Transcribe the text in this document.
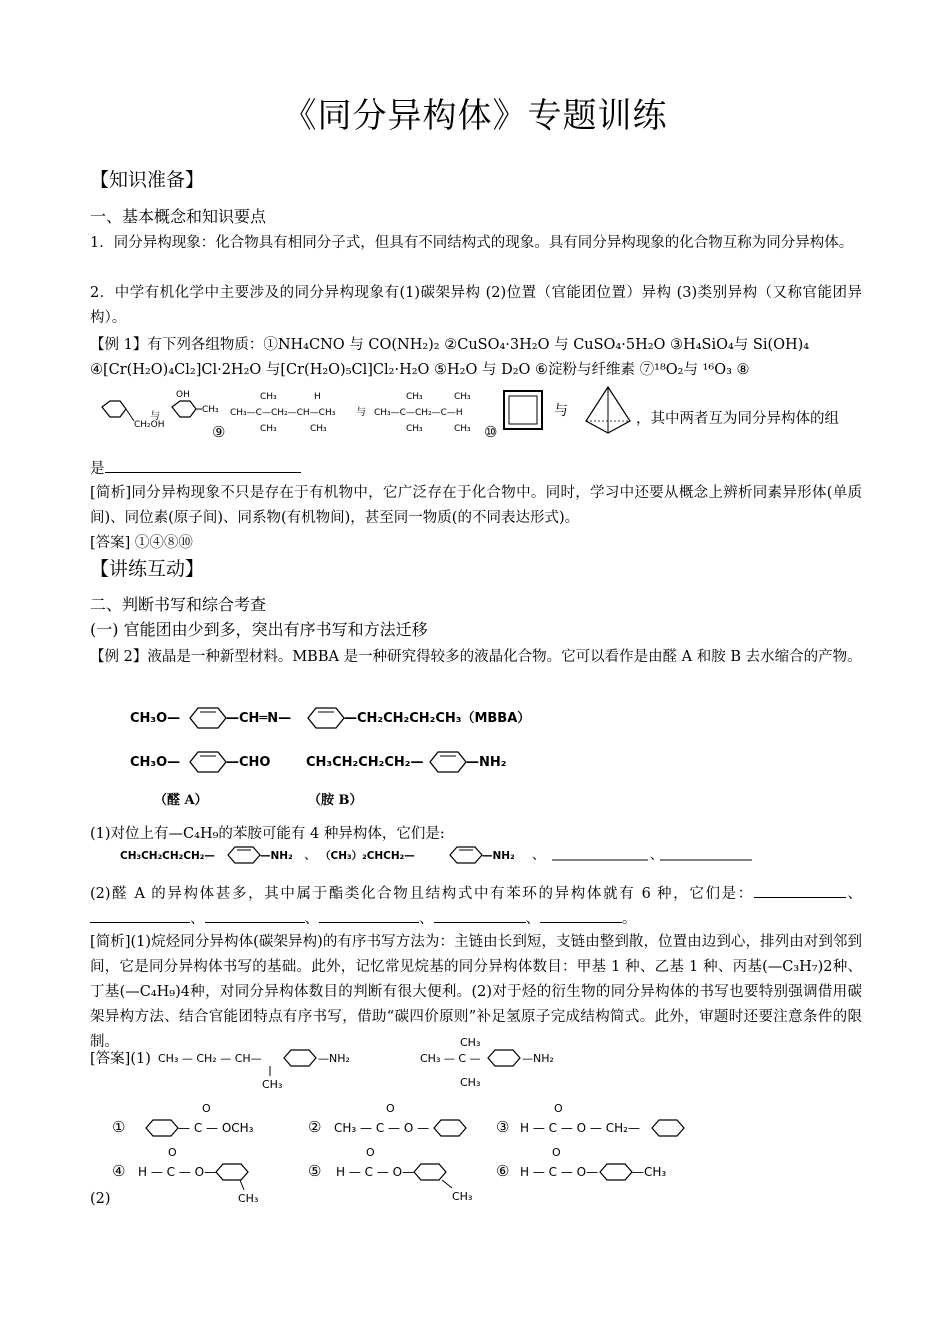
《同分异构体》专题训练
【知识准备】
一、基本概念和知识要点
1．同分异构现象：化合物具有相同分子式，但具有不同结构式的现象。具有同分异构现象的化合物互称为同分异构体。
2．中学有机化学中主要涉及的同分异构现象有(1)碳架异构 (2)位置（官能团位置）异构 (3)类别异构（又称官能团异构）。
【例 1】有下列各组物质：①NH₄CNO 与 CO(NH₂)₂ ②CuSO₄·3H₂O 与 CuSO₄·5H₂O ③H₄SiO₄与 Si(OH)₄
④[Cr(H₂O)₄Cl₂]Cl·2H₂O 与[Cr(H₂O)₅Cl]Cl₂·H₂O ⑤H₂O 与 D₂O ⑥淀粉与纤维素 ⑦¹⁸O₂与 ¹⁶O₃ ⑧
CH₂OH
与
OH
CH₃
⑨
CH₃—C—CH₂—CH—CH₃
CH₃
CH₃	CH₃
H
与 CH₃—C—CH₂—C—H
CH₃
CH₃
CH₃
CH₃ ⑩
与	，其中两者互为同分异构体的组
是
[简析]同分异构现象不只是存在于有机物中，它广泛存在于化合物中。同时，学习中还要从概念上辨析同素异形体(单质间)、同位素(原子间)、同系物(有机物间)，甚至同一物质(的不同表达形式)。
[答案] ①④⑧⑩
【讲练互动】
二、判断书写和综合考查
(一) 官能团由少到多，突出有序书写和方法迁移
【例 2】液晶是一种新型材料。MBBA 是一种研究得较多的液晶化合物。它可以看作是由醛 A 和胺 B 去水缩合的产物。
CH₃O—	—CH═N—	—CH₂CH₂CH₂CH₃（MBBA）
CH₃O—	—CHO	CH₃CH₂CH₂CH₂—	—NH₂
（醛 A）	（胺 B）
(1)对位上有—C₄H₉的苯胺可能有 4 种异构体，它们是:
CH₃CH₂CH₂CH₂—	—NH₂ 、 （CH₃）₂CHCH₂—	—NH₂ 、	、
(2)醛 A 的异构体甚多，其中属于酯类化合物且结构式中有苯环的异构体就有 6 种，它们是：	、、	、	、	、	。
[简析](1)烷烃同分异构体(碳架异构)的有序书写方法为：主链由长到短，支链由整到散，位置由边到心，排列由对到邻到间，它是同分异构体书写的基础。此外，记忆常见烷基的同分异构体数目：甲基 1 种、乙基 1 种、丙基(—C₃H₇)2种、丁基(—C₄H₉)4种，对同分异构体数目的判断有很大便利。(2)对于烃的衍生物的同分异构体的书写也要特别强调借用碳架异构方法、结合官能团特点有序书写，借助“碳四价原则”补足氢原子完成结构简式。此外，审题时还要注意条件的限制。
[答案](1) CH₃ — CH₂ — CH—
CH₃
—NH₂	CH₃ — C —
CH₃
CH₃
—NH₂
①	— C — OCH₃
O
② CH₃ — C — O —
O
③ H — C — O — CH₂—
O
④ H — C — O—
O
CH₃
⑤ H — C — O—
O
CH₃
⑥ H — C — O—
O
—CH₃
(2)
